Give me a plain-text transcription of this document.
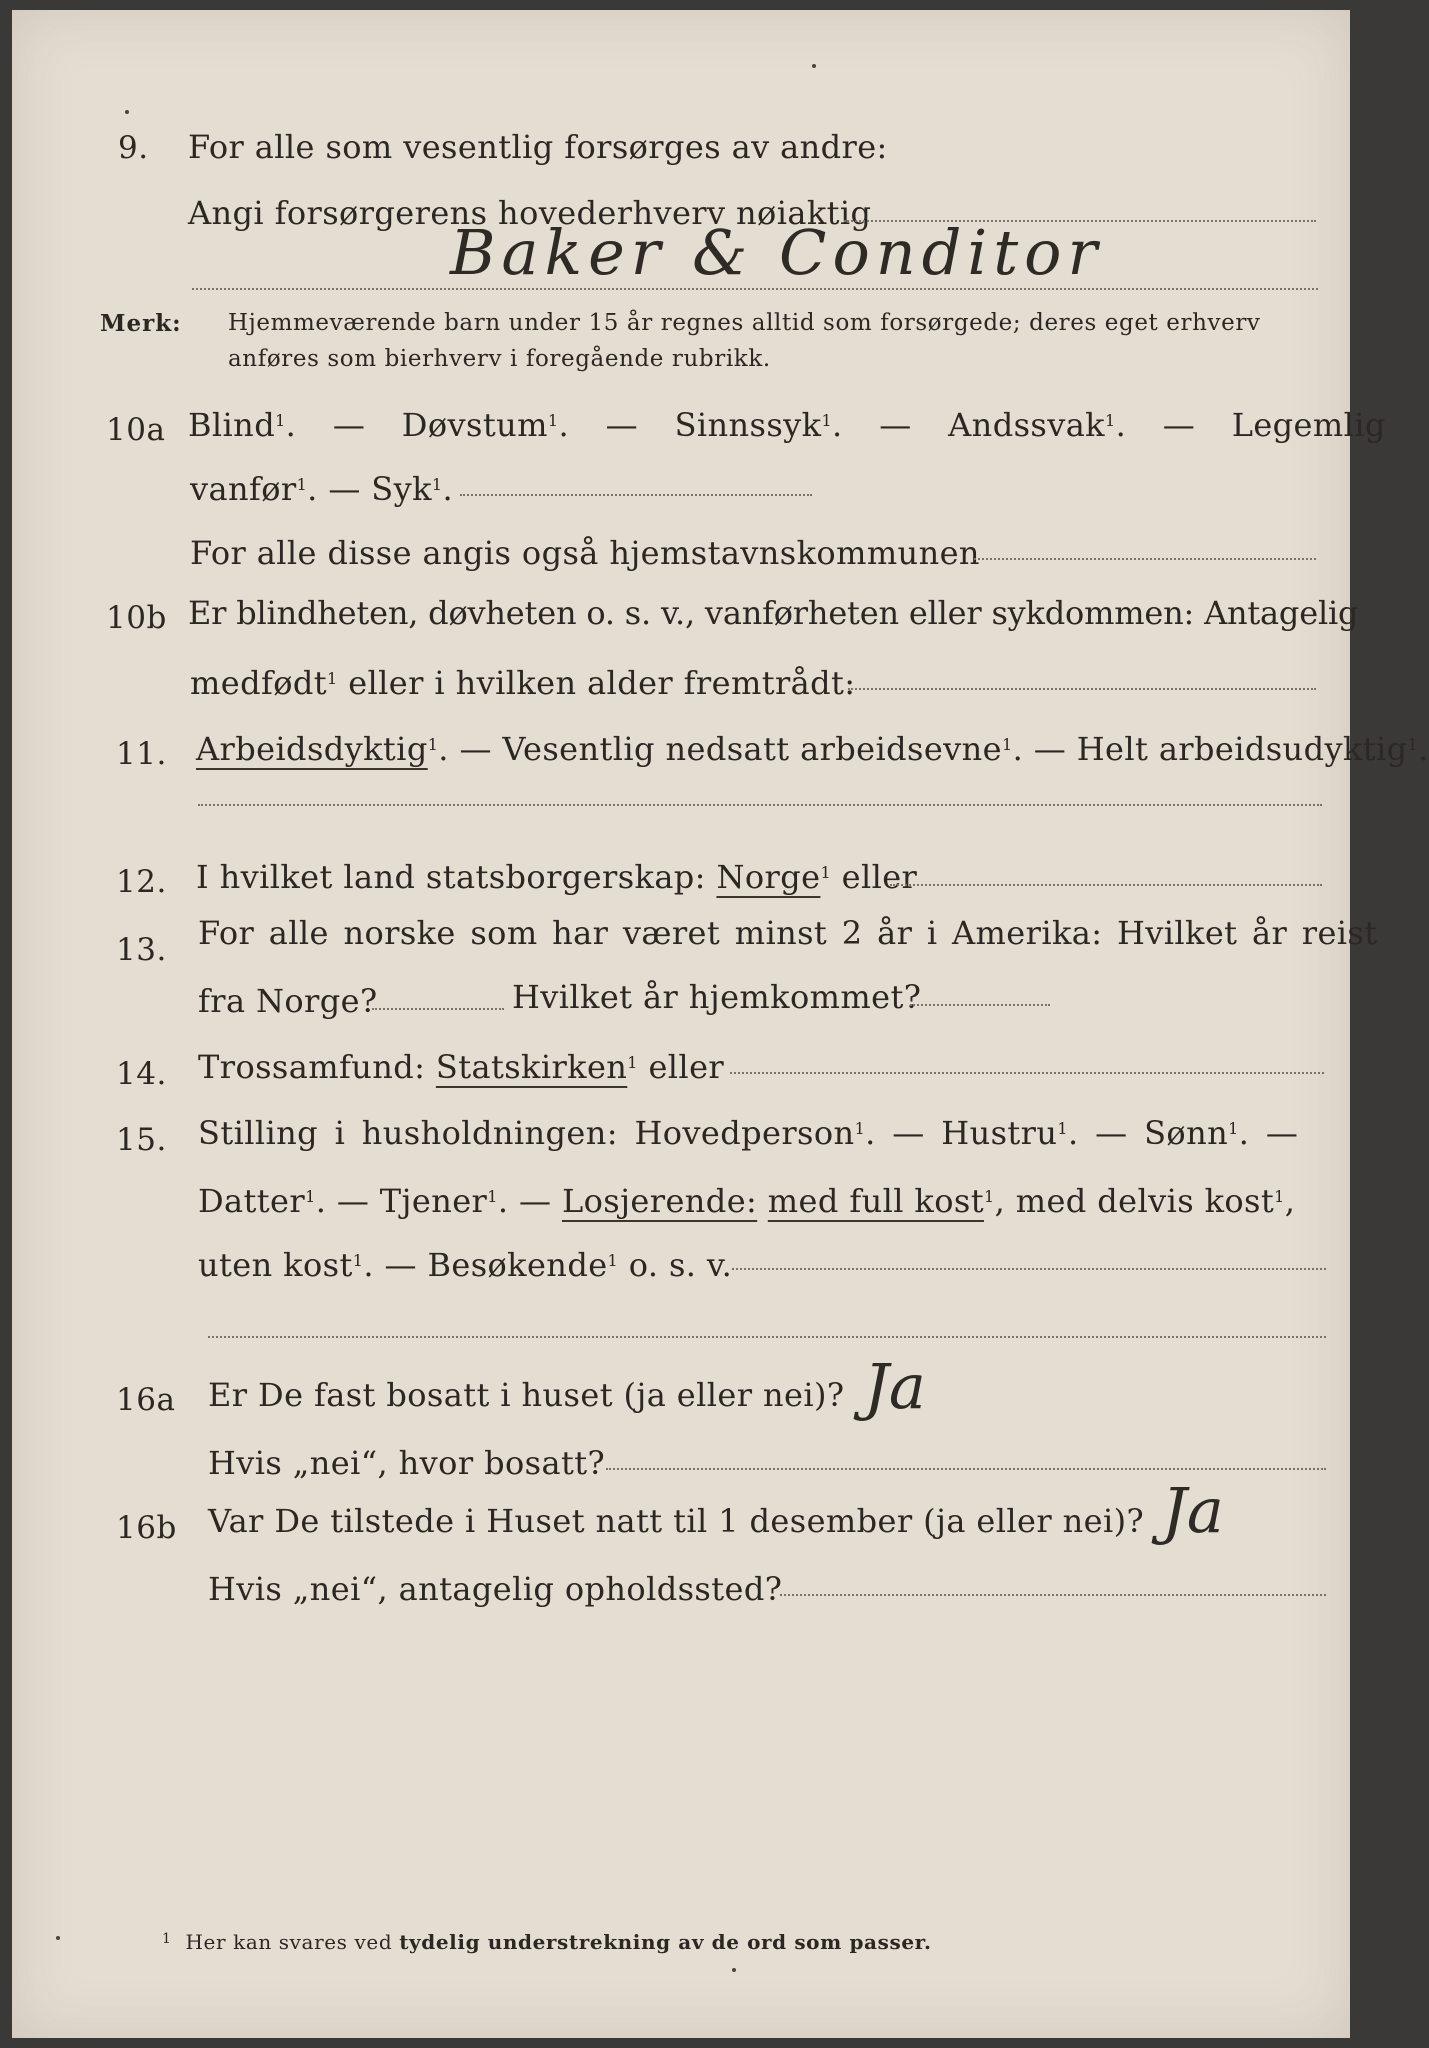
9. For alle som vesentlig forsørges av andre:
Angi forsørgerens hovederhverv nøiaktig
Baker & Conditor
Merk: Hjemmeværende barn under 15 år regnes alltid som forsørgede; deres eget erhverv
anføres som bierhverv i foregående rubrikk.
10a Blind$^1$. — Døvstum$^1$. — Sinnssyk$^1$. — Andssvak$^1$. — Legemlig
vanfør$^1$. — Syk$^1$.
For alle disse angis også hjemstavnskommunen
10b Er blindheten, døvheten o. s. v., vanførheten eller sykdommen: Antagelig
medfødt$^1$ eller i hvilken alder fremtrådt:
11. Arbeidsdyktig$^1$. — Vesentlig nedsatt arbeidsevne$^1$. — Helt arbeidsudyktig$^1$.
12. I hvilket land statsborgerskap: Norge$^1$ eller
13. For alle norske som har været minst 2 år i Amerika: Hvilket år reist
fra Norge?	Hvilket år hjemkommet?
14. Trossamfund: Statskirken$^1$ eller
15. Stilling i husholdningen: Hovedperson$^1$. — Hustru$^1$. — Sønn$^1$. —
Datter$^1$. — Tjener$^1$. — Losjerende: med full kost$^1$, med delvis kost$^1$,
uten kost$^1$. — Besøkende$^1$ o. s. v.
16a Er De fast bosatt i huset (ja eller nei)? Ja
Hvis „nei“, hvor bosatt?
16b Var De tilstede i Huset natt til 1 desember (ja eller nei)? Ja
Hvis „nei“, antagelig opholdssted?
$^1$ Her kan svares ved tydelig understrekning av de ord som passer.
